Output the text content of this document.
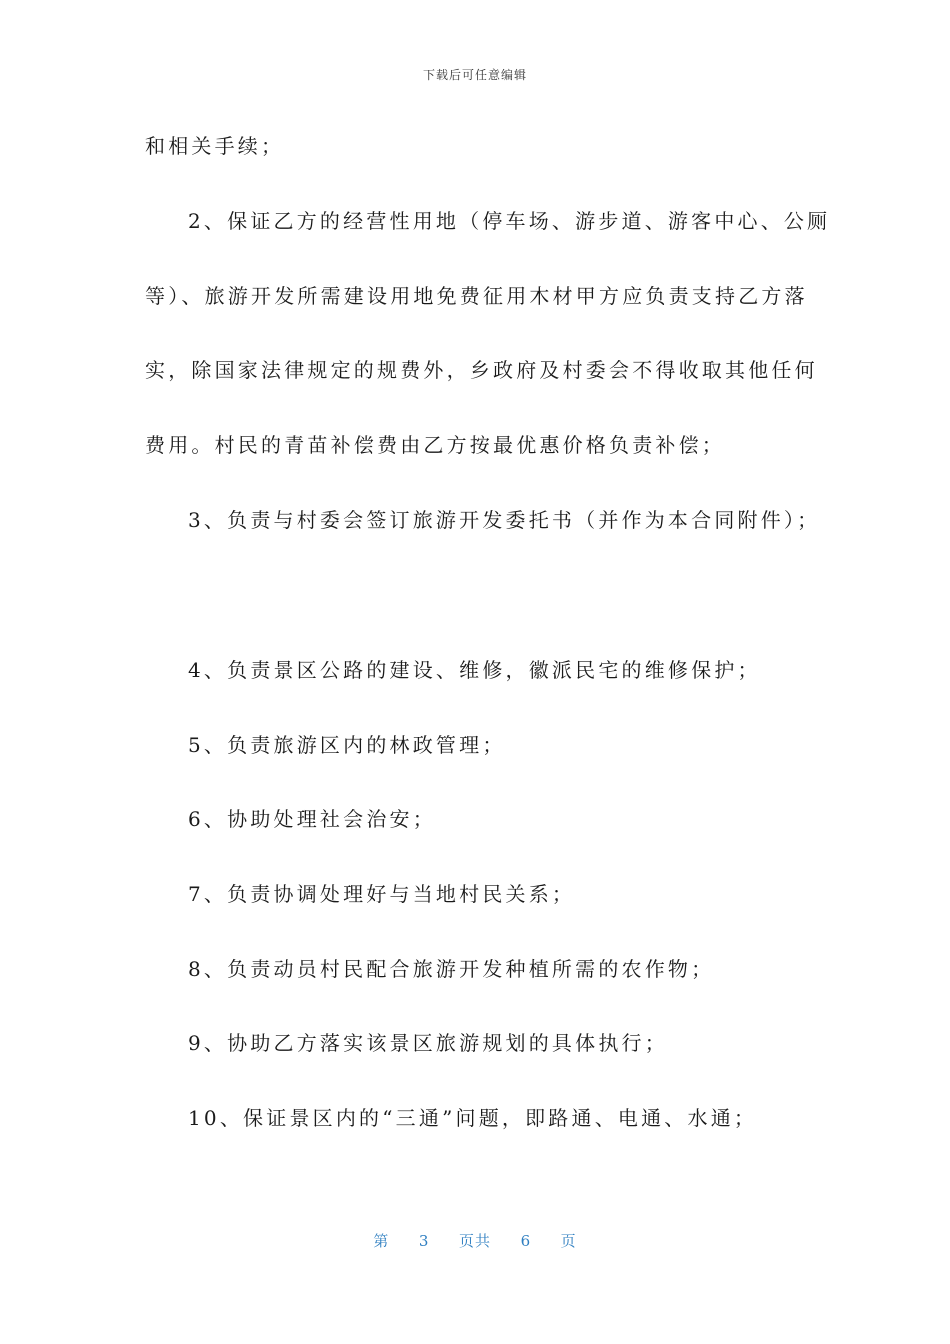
下载后可任意编辑
和相关手续；
2、保证乙方的经营性用地（停车场、游步道、游客中心、公厕
等）、旅游开发所需建设用地免费征用木材甲方应负责支持乙方落
实，除国家法律规定的规费外，乡政府及村委会不得收取其他任何
费用。村民的青苗补偿费由乙方按最优惠价格负责补偿；
3、负责与村委会签订旅游开发委托书（并作为本合同附件）；
4、负责景区公路的建设、维修，徽派民宅的维修保护；
5、负责旅游区内的林政管理；
6、协助处理社会治安；
7、负责协调处理好与当地村民关系；
8、负责动员村民配合旅游开发种植所需的农作物；
9、协助乙方落实该景区旅游规划的具体执行；
10、保证景区内的“三通”问题，即路通、电通、水通；
第 3 页共 6 页
